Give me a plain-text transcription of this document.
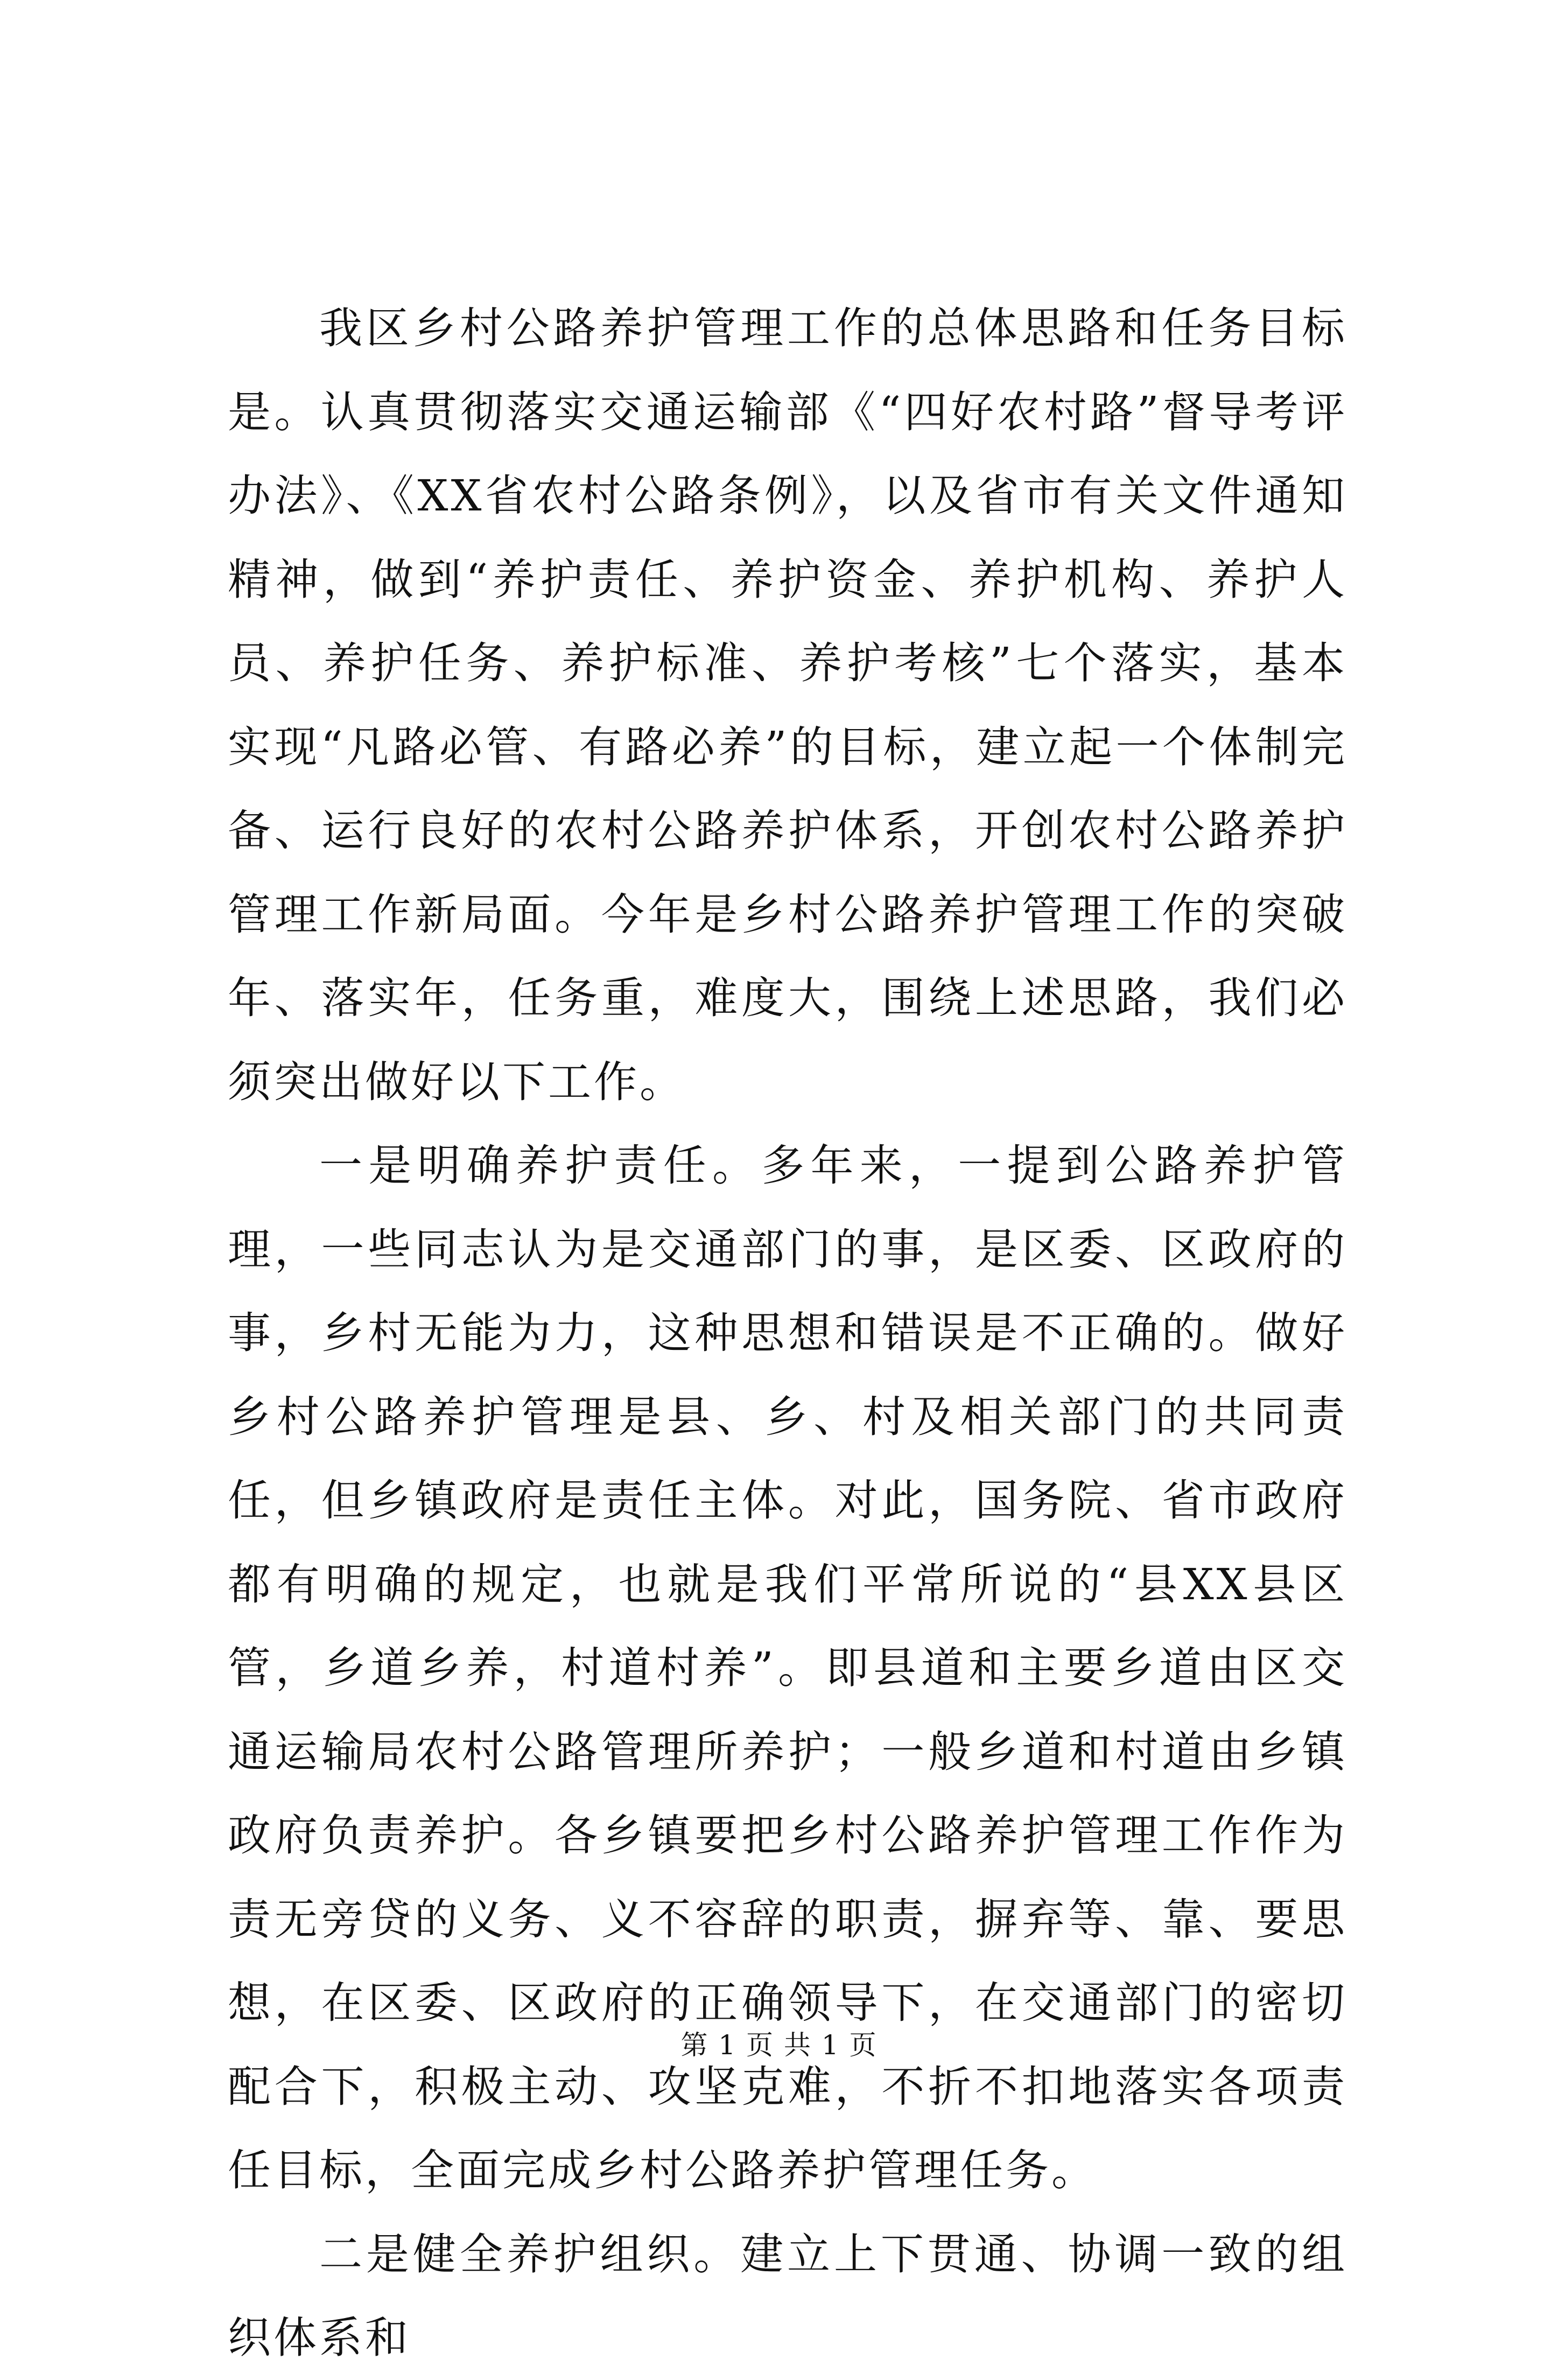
我区乡村公路养护管理工作的总体思路和任务目标是。认真贯彻落实交通运输部《“四好农村路”督导考评办法》、《XX省农村公路条例》，以及省市有关文件通知精神，做到“养护责任、养护资金、养护机构、养护人员、养护任务、养护标准、养护考核”七个落实，基本实现“凡路必管、有路必养”的目标，建立起一个体制完备、运行良好的农村公路养护体系，开创农村公路养护管理工作新局面。今年是乡村公路养护管理工作的突破年、落实年，任务重，难度大，围绕上述思路，我们必须突出做好以下工作。

一是明确养护责任。多年来，一提到公路养护管理，一些同志认为是交通部门的事，是区委、区政府的事，乡村无能为力，这种思想和错误是不正确的。做好乡村公路养护管理是县、乡、村及相关部门的共同责任，但乡镇政府是责任主体。对此，国务院、省市政府都有明确的规定，也就是我们平常所说的“县XX县区管，乡道乡养，村道村养”。即县道和主要乡道由区交通运输局农村公路管理所养护；一般乡道和村道由乡镇政府负责养护。各乡镇要把乡村公路养护管理工作作为责无旁贷的义务、义不容辞的职责，摒弃等、靠、要思想，在区委、区政府的正确领导下，在交通部门的密切配合下，积极主动、攻坚克难，不折不扣地落实各项责任目标，全面完成乡村公路养护管理任务。

二是健全养护组织。建立上下贯通、协调一致的组织体系和

第 1 页 共 1 页
